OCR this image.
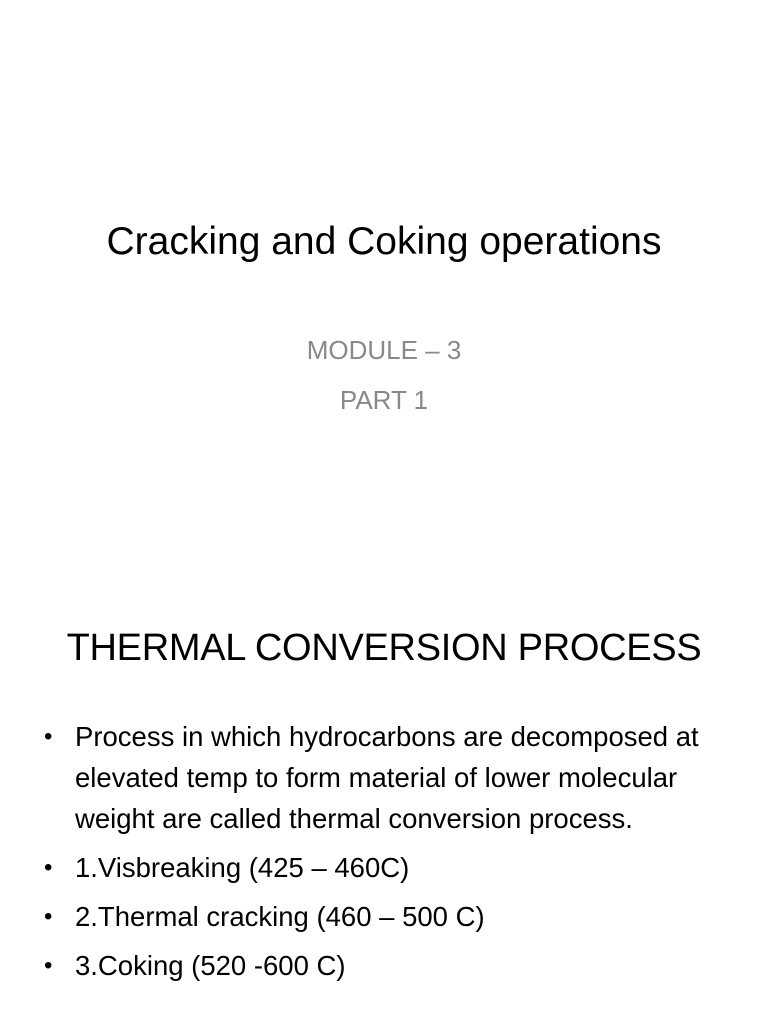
Cracking and Coking operations
MODULE – 3
PART 1
THERMAL CONVERSION PROCESS
• Process in which hydrocarbons are decomposed at elevated temp to form material of lower molecular weight are called thermal conversion process.
• 1.Visbreaking (425 – 460C)
• 2.Thermal cracking (460 – 500 C)
• 3.Coking (520 -600 C)
